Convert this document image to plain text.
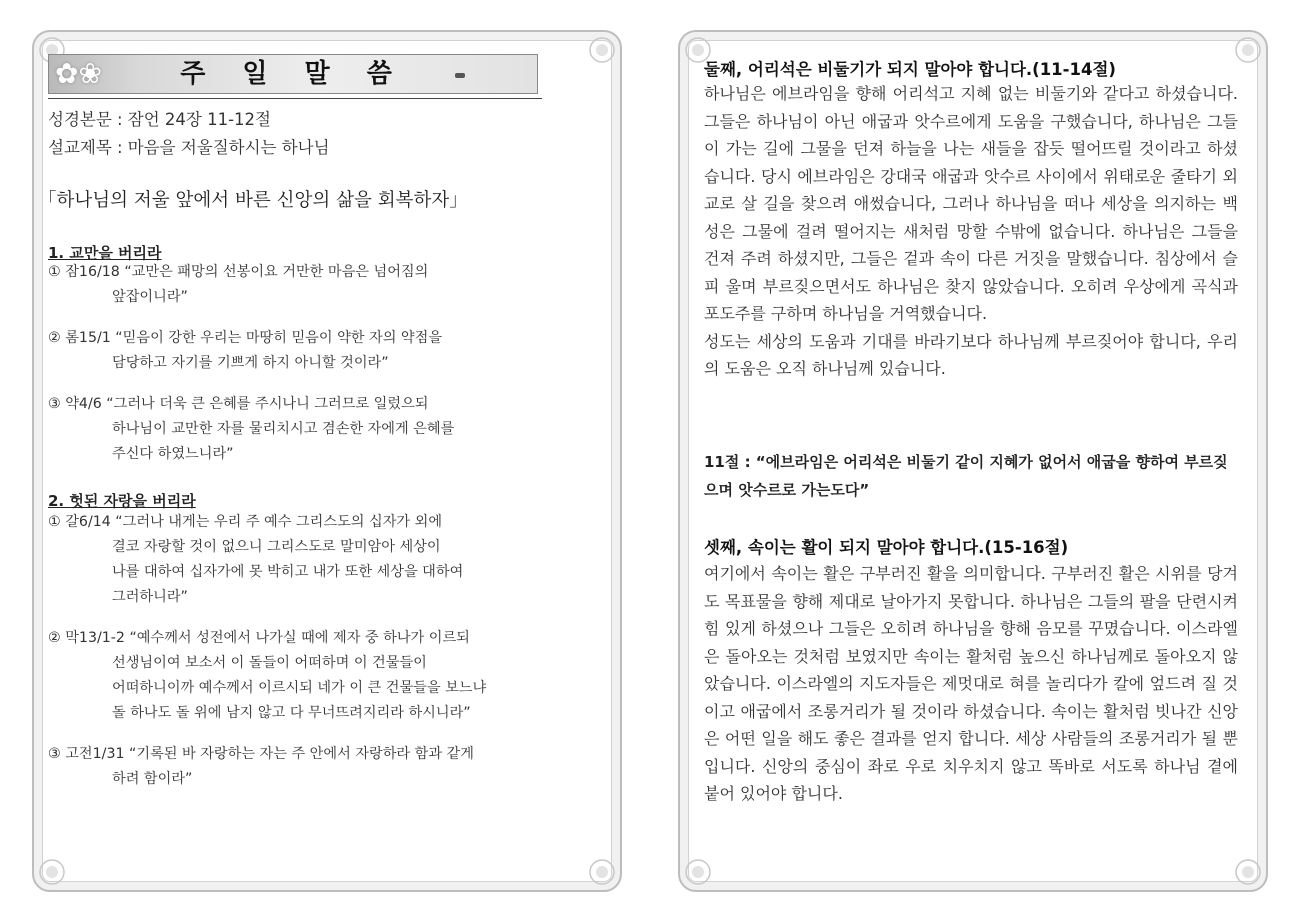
✿❀	주 일 말 씀
성경본문 : 잠언 24장 11-12절
설교제목 : 마음을 저울질하시는 하나님
「하나님의 저울 앞에서 바른 신앙의 삶을 회복하자」
1. 교만을 버리라
① 잠16/18 “교만은 패망의 선봉이요 거만한 마음은 넘어짐의
앞잡이니라”
② 롬15/1 “믿음이 강한 우리는 마땅히 믿음이 약한 자의 약점을
담당하고 자기를 기쁘게 하지 아니할 것이라”
③ 약4/6 “그러나 더욱 큰 은혜를 주시나니 그러므로 일렀으되
하나님이 교만한 자를 물리치시고 겸손한 자에게 은혜를
주신다 하였느니라”
2. 헛된 자랑을 버리라
① 갈6/14 “그러나 내게는 우리 주 예수 그리스도의 십자가 외에
결코 자랑할 것이 없으니 그리스도로 말미암아 세상이
나를 대하여 십자가에 못 박히고 내가 또한 세상을 대하여
그러하니라”
② 막13/1-2 “예수께서 성전에서 나가실 때에 제자 중 하나가 이르되
선생님이여 보소서 이 돌들이 어떠하며 이 건물들이
어떠하니이까 예수께서 이르시되 네가 이 큰 건물들을 보느냐
돌 하나도 돌 위에 남지 않고 다 무너뜨려지리라 하시니라”
③ 고전1/31 “기록된 바 자랑하는 자는 주 안에서 자랑하라 함과 같게
하려 함이라”
둘째, 어리석은 비둘기가 되지 말아야 합니다.(11-14절)

하나님은 에브라임을 향해 어리석고 지혜 없는 비둘기와 같다고 하셨습니다. 그들은 하나님이 아닌 애굽과 앗수르에게 도움을 구했습니다, 하나님은 그들이 가는 길에 그물을 던져 하늘을 나는 새들을 잡듯 떨어뜨릴 것이라고 하셨습니다. 당시 에브라임은 강대국 애굽과 앗수르 사이에서 위태로운 줄타기 외교로 살 길을 찾으려 애썼습니다, 그러나 하나님을 떠나 세상을 의지하는 백성은 그물에 걸려 떨어지는 새처럼 망할 수밖에 없습니다. 하나님은 그들을 건져 주려 하셨지만, 그들은 겉과 속이 다른 거짓을 말했습니다. 침상에서 슬피 울며 부르짖으면서도 하나님은 찾지 않았습니다. 오히려 우상에게 곡식과 포도주를 구하며 하나님을 거역했습니다.

성도는 세상의 도움과 기대를 바라기보다 하나님께 부르짖어야 합니다, 우리의 도움은 오직 하나님께 있습니다.

11절 : “에브라임은 어리석은 비둘기 같이 지혜가 없어서 애굽을 향하여 부르짖으며 앗수르로 가는도다”
셋째, 속이는 활이 되지 말아야 합니다.(15-16절)

여기에서 속이는 활은 구부러진 활을 의미합니다. 구부러진 활은 시위를 당겨도 목표물을 향해 제대로 날아가지 못합니다. 하나님은 그들의 팔을 단련시켜 힘 있게 하셨으나 그들은 오히려 하나님을 향해 음모를 꾸몄습니다. 이스라엘은 돌아오는 것처럼 보였지만 속이는 활처럼 높으신 하나님께로 돌아오지 않았습니다. 이스라엘의 지도자들은 제멋대로 혀를 놀리다가 칼에 엎드려 질 것이고 애굽에서 조롱거리가 될 것이라 하셨습니다. 속이는 활처럼 빗나간 신앙은 어떤 일을 해도 좋은 결과를 얻지 합니다. 세상 사람들의 조롱거리가 될 뿐입니다. 신앙의 중심이 좌로 우로 치우치지 않고 똑바로 서도록 하나님 곁에 붙어 있어야 합니다.
